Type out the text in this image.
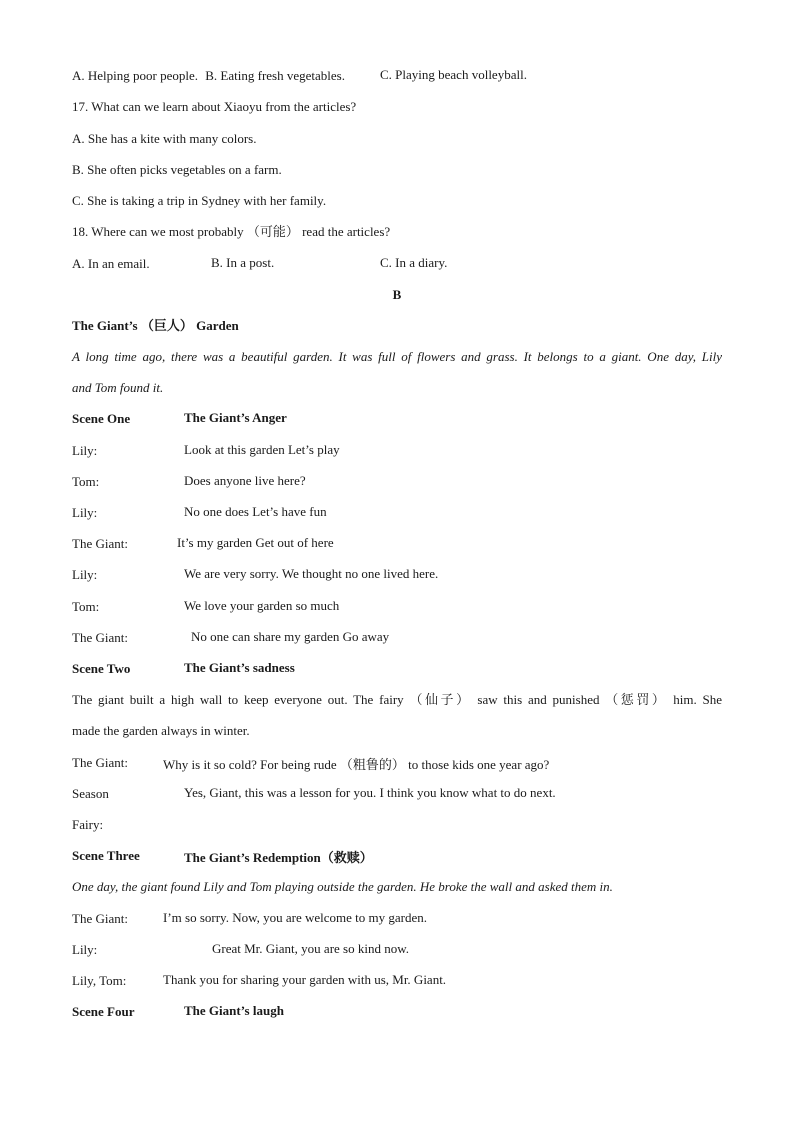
A. Helping poor people. B. Eating fresh vegetables.	C. Playing beach volleyball.
17. What can we learn about Xiaoyu from the articles?
A. She has a kite with many colors.
B. She often picks vegetables on a farm.
C. She is taking a trip in Sydney with her family.
18. Where can we most probably （可能） read the articles?
A. In an email.	B. In a post.	C. In a diary.
B
The Giant’s （巨人） Garden
A long time ago, there was a beautiful garden. It was full of flowers and grass. It belongs to a giant. One day, Lily
and Tom found it.
Scene One	The Giant’s Anger
Lily:	Look at this garden Let’s play
Tom:	Does anyone live here?
Lily:	No one does Let’s have fun
The Giant:	It’s my garden Get out of here
Lily:	We are very sorry. We thought no one lived here.
Tom:	We love your garden so much
The Giant:	No one can share my garden Go away
Scene Two	The Giant’s sadness
The giant built a high wall to keep everyone out. The fairy （仙子） saw this and punished （惩罚） him. She
made the garden always in winter.
The Giant:	Why is it so cold? For being rude （粗鲁的） to those kids one year ago?
Season	Yes, Giant, this was a lesson for you. I think you know what to do next.
Fairy:
Scene Three	The Giant’s Redemption（救赎）
One day, the giant found Lily and Tom playing outside the garden. He broke the wall and asked them in.
The Giant:	I’m so sorry. Now, you are welcome to my garden.
Lily:	Great Mr. Giant, you are so kind now.
Lily, Tom:	Thank you for sharing your garden with us, Mr. Giant.
Scene Four	The Giant’s laugh
